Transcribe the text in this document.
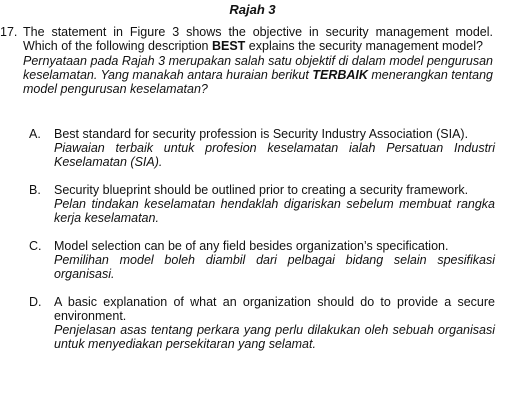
Rajah 3
17. The statement in Figure 3 shows the objective in security management model. Which of the following description BEST explains the security management model?

Pernyataan pada Rajah 3 merupakan salah satu objektif di dalam model pengurusan keselamatan. Yang manakah antara huraian berikut TERBAIK menerangkan tentang model pengurusan keselamatan?

A. Best standard for security profession is Security Industry Association (SIA).
Piawaian terbaik untuk profesion keselamatan ialah Persatuan Industri Keselamatan (SIA).
B. Security blueprint should be outlined prior to creating a security framework.
Pelan tindakan keselamatan hendaklah digariskan sebelum membuat rangka kerja keselamatan.
C. Model selection can be of any field besides organization’s specification.
Pemilihan model boleh diambil dari pelbagai bidang selain spesifikasi organisasi.
D. A basic explanation of what an organization should do to provide a secure environment.
Penjelasan asas tentang perkara yang perlu dilakukan oleh sebuah organisasi untuk menyediakan persekitaran yang selamat.
